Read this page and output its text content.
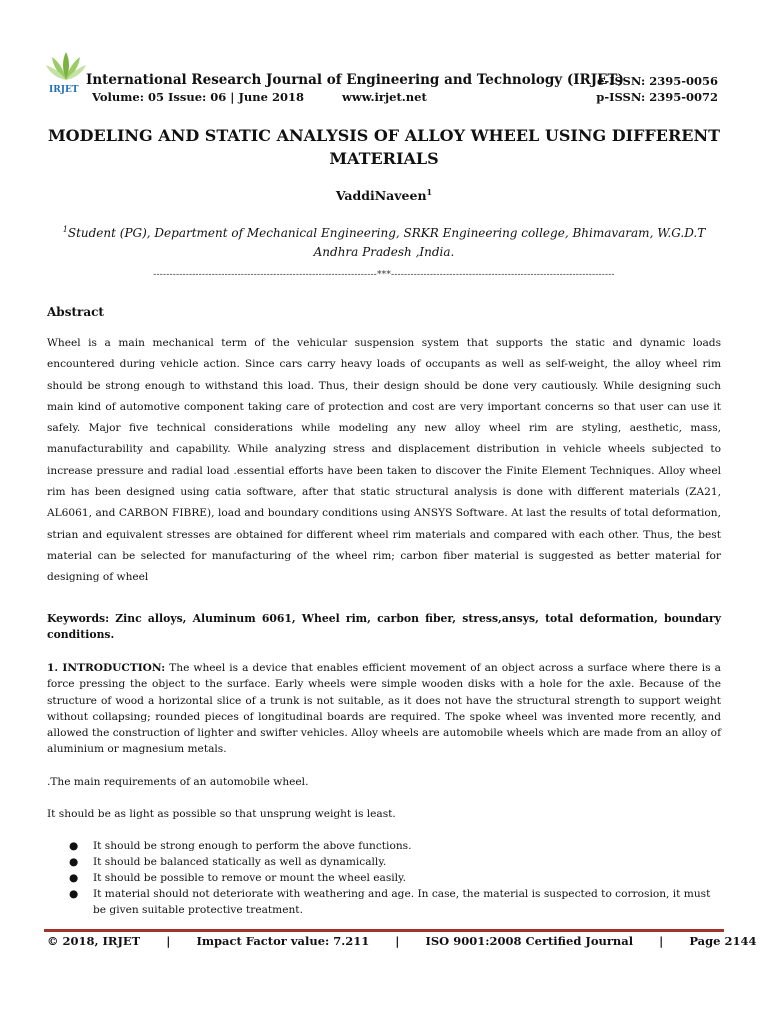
IRJET
International Research Journal of Engineering and Technology (IRJET)
Volume: 05 Issue: 06 | June 2018	www.irjet.net
e-ISSN: 2395-0056
p-ISSN: 2395-0072
MODELING AND STATIC ANALYSIS OF ALLOY WHEEL USING DIFFERENT MATERIALS
VaddiNaveen$^1$
$^1$Student (PG), Department of Mechanical Engineering, SRKR Engineering college, Bhimavaram, W.G.D.T Andhra Pradesh ,India.
---------------------------------------------------------------------***---------------------------------------------------------------------
Abstract
Wheel is a main mechanical term of the vehicular suspension system that supports the static and dynamic loads encountered during vehicle action. Since cars carry heavy loads of occupants as well as self-weight, the alloy wheel rim should be strong enough to withstand this load. Thus, their design should be done very cautiously. While designing such main kind of automotive component taking care of protection and cost are very important concerns so that user can use it safely. Major five technical considerations while modeling any new alloy wheel rim are styling, aesthetic, mass, manufacturability and capability. While analyzing stress and displacement distribution in vehicle wheels subjected to increase pressure and radial load .essential efforts have been taken to discover the Finite Element Techniques. Alloy wheel rim has been designed using catia software, after that static structural analysis is done with different materials (ZA21, AL6061, and CARBON FIBRE), load and boundary conditions using ANSYS Software. At last the results of total deformation, strian and equivalent stresses are obtained for different wheel rim materials and compared with each other. Thus, the best material can be selected for manufacturing of the wheel rim; carbon fiber material is suggested as better material for designing of wheel
Keywords: Zinc alloys, Aluminum 6061, Wheel rim, carbon fiber, stress,ansys, total deformation, boundary conditions.
1. INTRODUCTION: The wheel is a device that enables efficient movement of an object across a surface where there is a force pressing the object to the surface. Early wheels were simple wooden disks with a hole for the axle. Because of the structure of wood a horizontal slice of a trunk is not suitable, as it does not have the structural strength to support weight without collapsing; rounded pieces of longitudinal boards are required. The spoke wheel was invented more recently, and allowed the construction of lighter and swifter vehicles. Alloy wheels are automobile wheels which are made from an alloy of aluminium or magnesium metals.
.The main requirements of an automobile wheel.
It should be as light as possible so that unsprung weight is least.
● It should be strong enough to perform the above functions.
● It should be balanced statically as well as dynamically.
● It should be possible to remove or mount the wheel easily.
● It material should not deteriorate with weathering and age. In case, the material is suspected to corrosion, it must be given suitable protective treatment.
© 2018, IRJET | Impact Factor value: 7.211 | ISO 9001:2008 Certified Journal | Page 2144
